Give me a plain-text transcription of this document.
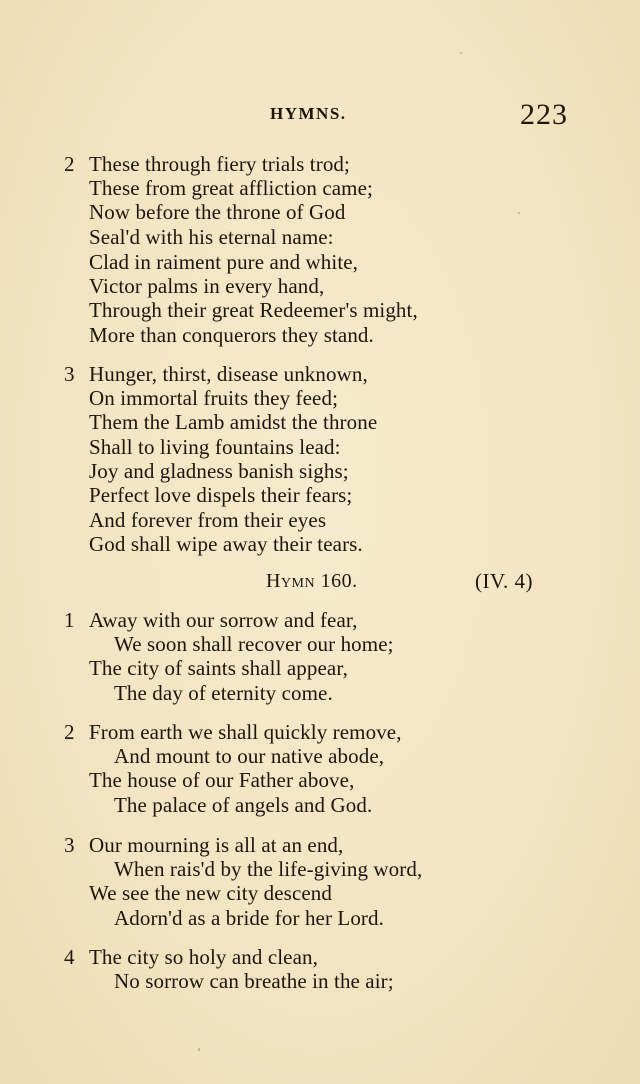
HYMNS.	223
2 These through fiery trials trod;
These from great affliction came;
Now before the throne of God
Seal'd with his eternal name:
Clad in raiment pure and white,
Victor palms in every hand,
Through their great Redeemer's might,
More than conquerors they stand.
3 Hunger, thirst, disease unknown,
On immortal fruits they feed;
Them the Lamb amidst the throne
Shall to living fountains lead:
Joy and gladness banish sighs;
Perfect love dispels their fears;
And forever from their eyes
God shall wipe away their tears.
Hymn 160.	(IV. 4)
1 Away with our sorrow and fear,
We soon shall recover our home;
The city of saints shall appear,
The day of eternity come.
2 From earth we shall quickly remove,
And mount to our native abode,
The house of our Father above,
The palace of angels and God.
3 Our mourning is all at an end,
When rais'd by the life-giving word,
We see the new city descend
Adorn'd as a bride for her Lord.
4 The city so holy and clean,
No sorrow can breathe in the air;
